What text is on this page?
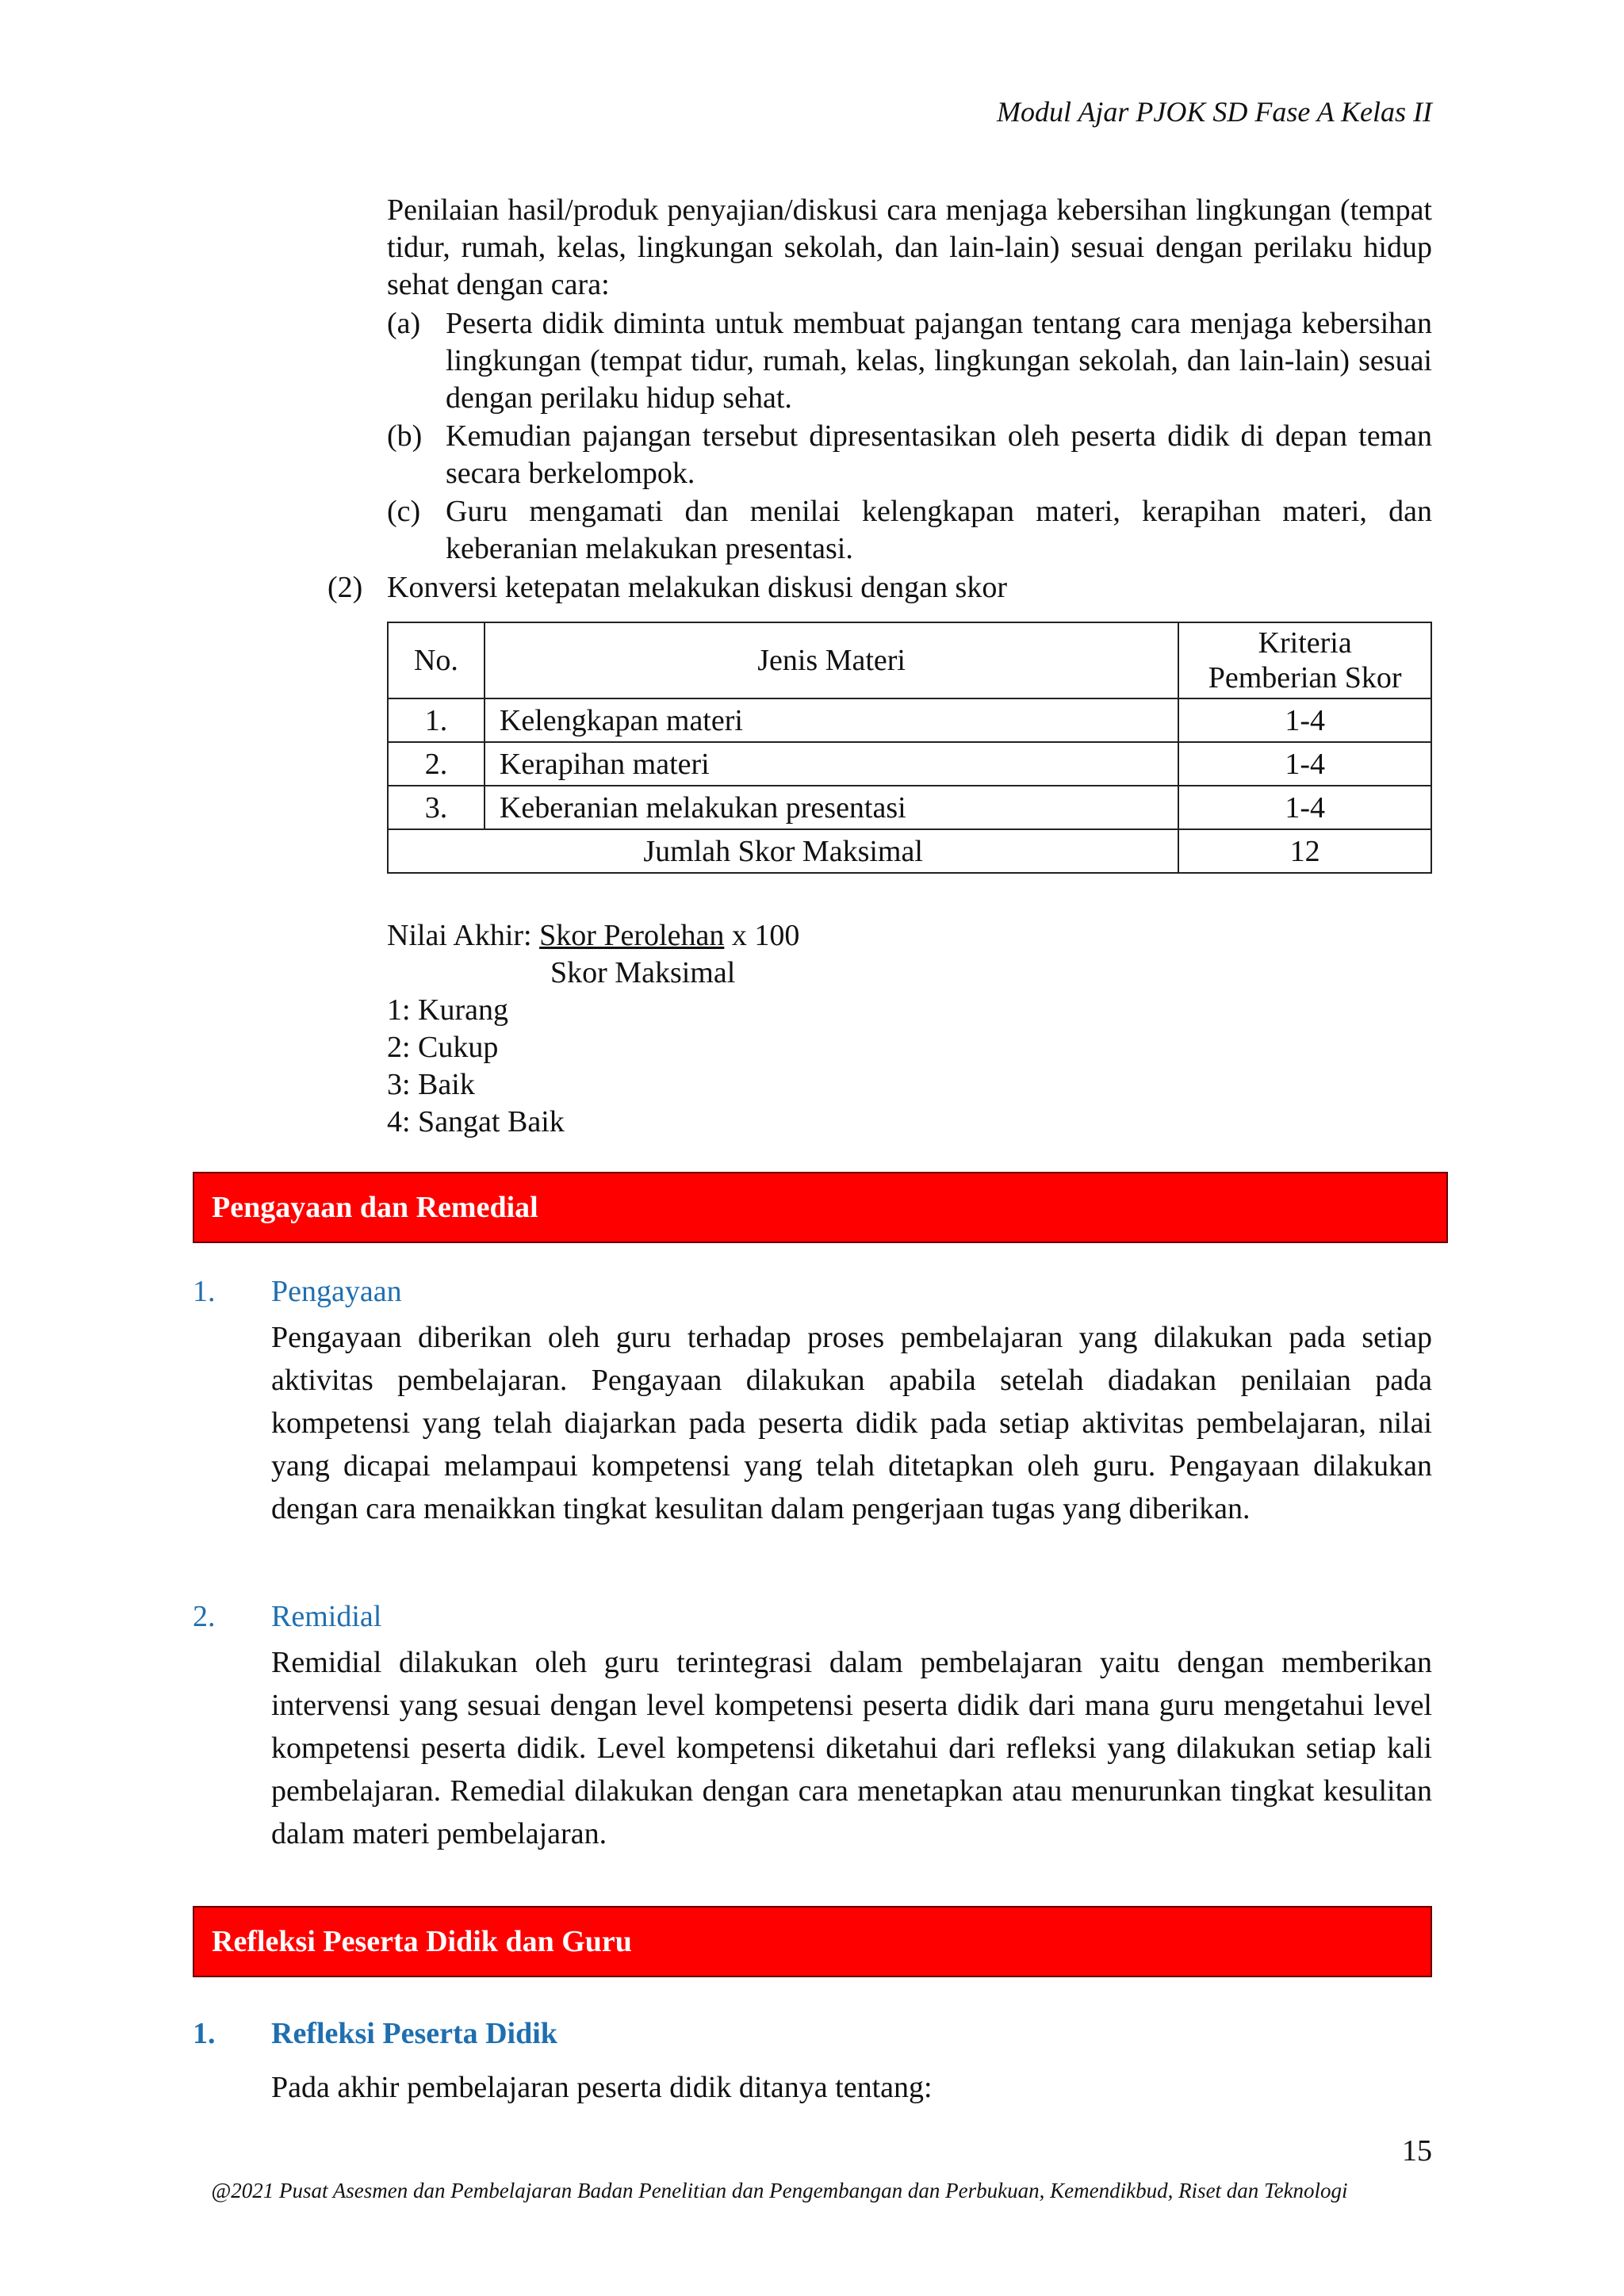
Modul Ajar PJOK SD Fase A Kelas II
Penilaian hasil/produk penyajian/diskusi cara menjaga kebersihan lingkungan (tempat tidur, rumah, kelas, lingkungan sekolah, dan lain-lain) sesuai dengan perilaku hidup sehat dengan cara:
(a) Peserta didik diminta untuk membuat pajangan tentang cara menjaga kebersihan lingkungan (tempat tidur, rumah, kelas, lingkungan sekolah, dan lain-lain) sesuai dengan perilaku hidup sehat.
(b) Kemudian pajangan tersebut dipresentasikan oleh peserta didik di depan teman secara berkelompok.
(c) Guru mengamati dan menilai kelengkapan materi, kerapihan materi, dan keberanian melakukan presentasi.
(2) Konversi ketepatan melakukan diskusi dengan skor
No.	Jenis Materi	Kriteria Pemberian Skor
1.	Kelengkapan materi	1-4
2.	Kerapihan materi	1-4
3.	Keberanian melakukan presentasi	1-4
Jumlah Skor Maksimal		12
Nilai Akhir: Skor Perolehan x 100
Skor Maksimal
1: Kurang
2: Cukup
3: Baik
4: Sangat Baik
Pengayaan dan Remedial
1. Pengayaan
Pengayaan diberikan oleh guru terhadap proses pembelajaran yang dilakukan pada setiap aktivitas pembelajaran. Pengayaan dilakukan apabila setelah diadakan penilaian pada kompetensi yang telah diajarkan pada peserta didik pada setiap aktivitas pembelajaran, nilai yang dicapai melampaui kompetensi yang telah ditetapkan oleh guru. Pengayaan dilakukan dengan cara menaikkan tingkat kesulitan dalam pengerjaan tugas yang diberikan.
2. Remidial
Remidial dilakukan oleh guru terintegrasi dalam pembelajaran yaitu dengan memberikan intervensi yang sesuai dengan level kompetensi peserta didik dari mana guru mengetahui level kompetensi peserta didik. Level kompetensi diketahui dari refleksi yang dilakukan setiap kali pembelajaran. Remedial dilakukan dengan cara menetapkan atau menurunkan tingkat kesulitan dalam materi pembelajaran.
Refleksi Peserta Didik dan Guru
1. Refleksi Peserta Didik
Pada akhir pembelajaran peserta didik ditanya tentang:
15
@2021 Pusat Asesmen dan Pembelajaran Badan Penelitian dan Pengembangan dan Perbukuan, Kemendikbud, Riset dan Teknologi
